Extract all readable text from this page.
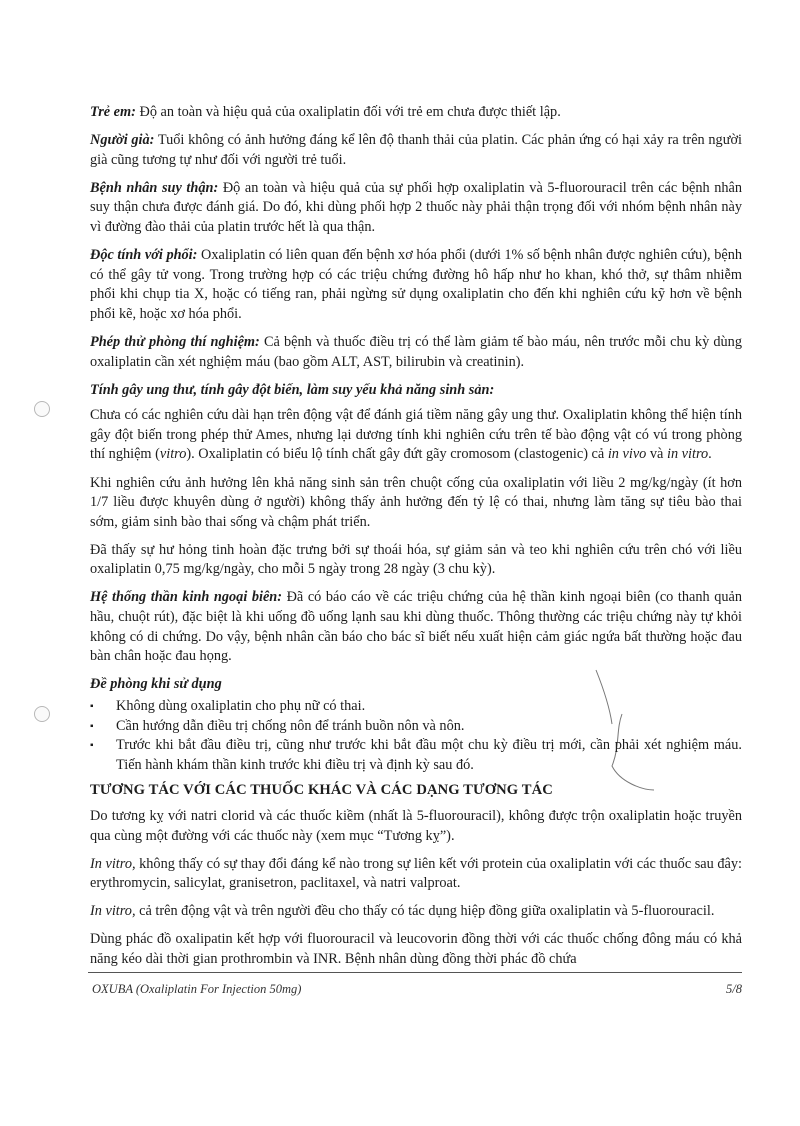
Trẻ em: Độ an toàn và hiệu quả của oxaliplatin đối với trẻ em chưa được thiết lập.

Người già: Tuổi không có ảnh hưởng đáng kể lên độ thanh thải của platin. Các phản ứng có hại xảy ra trên người già cũng tương tự như đối với người trẻ tuổi.

Bệnh nhân suy thận: Độ an toàn và hiệu quả của sự phối hợp oxaliplatin và 5-fluorouracil trên các bệnh nhân suy thận chưa được đánh giá. Do đó, khi dùng phối hợp 2 thuốc này phải thận trọng đối với nhóm bệnh nhân này vì đường đào thải của platin trước hết là qua thận.

Độc tính với phổi: Oxaliplatin có liên quan đến bệnh xơ hóa phổi (dưới 1% số bệnh nhân được nghiên cứu), bệnh có thể gây tử vong. Trong trường hợp có các triệu chứng đường hô hấp như ho khan, khó thở, sự thâm nhiễm phổi khi chụp tia X, hoặc có tiếng ran, phải ngừng sử dụng oxaliplatin cho đến khi nghiên cứu kỹ hơn về bệnh phổi kẽ, hoặc xơ hóa phổi.

Phép thử phòng thí nghiệm: Cả bệnh và thuốc điều trị có thể làm giảm tế bào máu, nên trước mỗi chu kỳ dùng oxaliplatin cần xét nghiệm máu (bao gồm ALT, AST, bilirubin và creatinin).

Tính gây ung thư, tính gây đột biến, làm suy yếu khả năng sinh sản:

Chưa có các nghiên cứu dài hạn trên động vật để đánh giá tiềm năng gây ung thư. Oxaliplatin không thể hiện tính gây đột biến trong phép thử Ames, nhưng lại dương tính khi nghiên cứu trên tế bào động vật có vú trong phòng thí nghiệm (vitro). Oxaliplatin có biểu lộ tính chất gây đứt gãy cromosom (clastogenic) cả in vivo và in vitro.

Khi nghiên cứu ảnh hưởng lên khả năng sinh sản trên chuột cống của oxaliplatin với liều 2 mg/kg/ngày (ít hơn 1/7 liều được khuyên dùng ở người) không thấy ảnh hưởng đến tỷ lệ có thai, nhưng làm tăng sự tiêu bào thai sớm, giảm sinh bào thai sống và chậm phát triển.

Đã thấy sự hư hỏng tinh hoàn đặc trưng bởi sự thoái hóa, sự giảm sản và teo khi nghiên cứu trên chó với liều oxaliplatin 0,75 mg/kg/ngày, cho mỗi 5 ngày trong 28 ngày (3 chu kỳ).

Hệ thống thần kinh ngoại biên: Đã có báo cáo về các triệu chứng của hệ thần kinh ngoại biên (co thanh quản hầu, chuột rút), đặc biệt là khi uống đồ uống lạnh sau khi dùng thuốc. Thông thường các triệu chứng này tự khỏi không có di chứng. Do vậy, bệnh nhân cần báo cho bác sĩ biết nếu xuất hiện cảm giác ngứa bất thường hoặc đau bàn chân hoặc đau họng.

Đề phòng khi sử dụng

▪	Không dùng oxaliplatin cho phụ nữ có thai.
▪	Cần hướng dẫn điều trị chống nôn để tránh buồn nôn và nôn.
▪	Trước khi bắt đầu điều trị, cũng như trước khi bắt đầu một chu kỳ điều trị mới, cần phải xét nghiệm máu. Tiến hành khám thần kinh trước khi điều trị và định kỳ sau đó.

TƯƠNG TÁC VỚI CÁC THUỐC KHÁC VÀ CÁC DẠNG TƯƠNG TÁC

Do tương kỵ với natri clorid và các thuốc kiềm (nhất là 5-fluorouracil), không được trộn oxaliplatin hoặc truyền qua cùng một đường với các thuốc này (xem mục “Tương kỵ”).

In vitro, không thấy có sự thay đổi đáng kể nào trong sự liên kết với protein của oxaliplatin với các thuốc sau đây: erythromycin, salicylat, granisetron, paclitaxel, và natri valproat.

In vitro, cả trên động vật và trên người đều cho thấy có tác dụng hiệp đồng giữa oxaliplatin và 5-fluorouracil.

Dùng phác đồ oxalipatin kết hợp với fluorouracil và leucovorin đồng thời với các thuốc chống đông máu có khả năng kéo dài thời gian prothrombin và INR. Bệnh nhân dùng đồng thời phác đồ chứa

OXUBA (Oxaliplatin For Injection 50mg)	5/8
